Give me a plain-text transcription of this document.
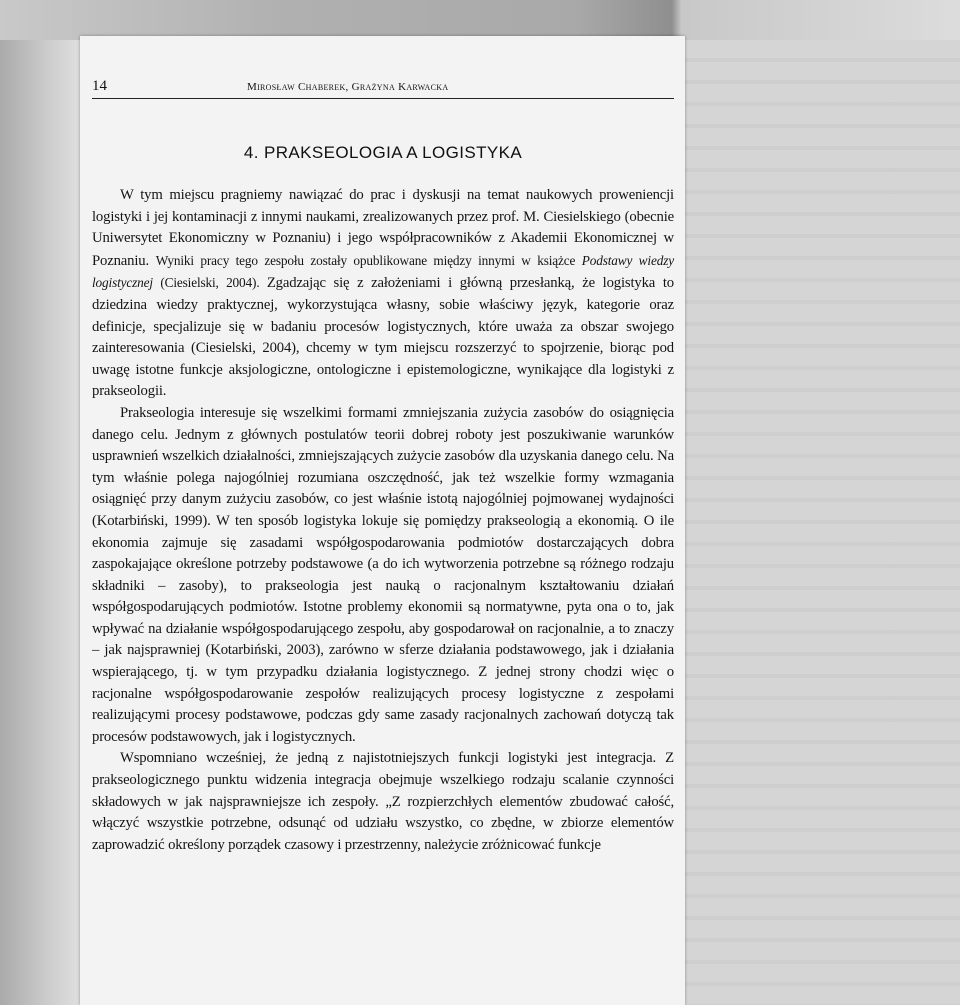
14	Mirosław Chaberek, Grażyna Karwacka
4. PRAKSEOLOGIA A LOGISTYKA

W tym miejscu pragniemy nawiązać do prac i dyskusji na temat naukowych proweniencji logistyki i jej kontaminacji z innymi naukami, zrealizowanych przez prof. M. Ciesielskiego (obecnie Uniwersytet Ekonomiczny w Poznaniu) i jego współpracowników z Akademii Ekonomicznej w Poznaniu. Wyniki pracy tego zespołu zostały opublikowane między innymi w książce Podstawy wiedzy logistycznej (Ciesielski, 2004). Zgadzając się z założeniami i główną przesłanką, że logistyka to dziedzina wiedzy praktycznej, wykorzystująca własny, sobie właściwy język, kategorie oraz definicje, specjalizuje się w badaniu procesów logistycznych, które uważa za obszar swojego zainteresowania (Ciesielski, 2004), chcemy w tym miejscu rozszerzyć to spojrzenie, biorąc pod uwagę istotne funkcje aksjologiczne, ontologiczne i epistemologiczne, wynikające dla logistyki z prakseologii.

Prakseologia interesuje się wszelkimi formami zmniejszania zużycia zasobów do osiągnięcia danego celu. Jednym z głównych postulatów teorii dobrej roboty jest poszukiwanie warunków usprawnień wszelkich działalności, zmniejszających zużycie zasobów dla uzyskania danego celu. Na tym właśnie polega najogólniej rozumiana oszczędność, jak też wszelkie formy wzmagania osiągnięć przy danym zużyciu zasobów, co jest właśnie istotą najogólniej pojmowanej wydajności (Kotarbiński, 1999). W ten sposób logistyka lokuje się pomiędzy prakseologią a ekonomią. O ile ekonomia zajmuje się zasadami współgospodarowania podmiotów dostarczających dobra zaspokajające określone potrzeby podstawowe (a do ich wytworzenia potrzebne są różnego rodzaju składniki – zasoby), to prakseologia jest nauką o racjonalnym kształtowaniu działań współgospodarujących podmiotów. Istotne problemy ekonomii są normatywne, pyta ona o to, jak wpływać na działanie współgospodarującego zespołu, aby gospodarował on racjonalnie, a to znaczy – jak najsprawniej (Kotarbiński, 2003), zarówno w sferze działania podstawowego, jak i działania wspierającego, tj. w tym przypadku działania logistycznego. Z jednej strony chodzi więc o racjonalne współgospodarowanie zespołów realizujących procesy logistyczne z zespołami realizującymi procesy podstawowe, podczas gdy same zasady racjonalnych zachowań dotyczą tak procesów podstawowych, jak i logistycznych.

Wspomniano wcześniej, że jedną z najistotniejszych funkcji logistyki jest integracja. Z prakseologicznego punktu widzenia integracja obejmuje wszelkiego rodzaju scalanie czynności składowych w jak najsprawniejsze ich zespoły. „Z rozpierzchłych elementów zbudować całość, włączyć wszystkie potrzebne, odsunąć od udziału wszystko, co zbędne, w zbiorze elementów zaprowadzić określony porządek czasowy i przestrzenny, należycie zróżnicować funkcje
